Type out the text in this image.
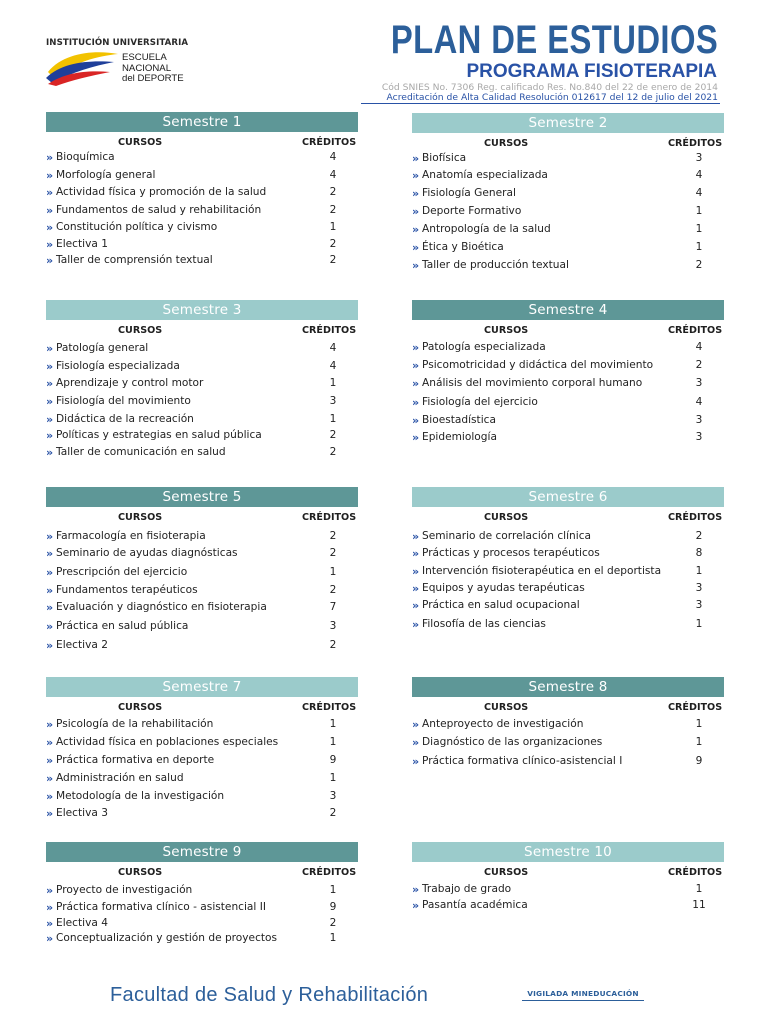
INSTITUCIÓN UNIVERSITARIA
ESCUELA
NACIONAL
del DEPORTE
PLAN DE ESTUDIOS
PROGRAMA FISIOTERAPIA
Cód SNIES No. 7306 Reg. calificado Res. No.840 del 22 de enero de 2014
Acreditación de Alta Calidad Resolución 012617 del 12 de julio del 2021
Semestre 1
CURSOS	CRÉDITOS
» Bioquímica	4
» Morfología general	4
» Actividad física y promoción de la salud	2
» Fundamentos de salud y rehabilitación	2
» Constitución política y civismo	1
» Electiva 1	2
» Taller de comprensión textual	2
Semestre 2
CURSOS	CRÉDITOS
» Biofísica	3
» Anatomía especializada	4
» Fisiología General	4
» Deporte Formativo	1
» Antropología de la salud	1
» Ética y Bioética	1
» Taller de producción textual	2
Semestre 3
CURSOS	CRÉDITOS
» Patología general	4
» Fisiología especializada	4
» Aprendizaje y control motor	1
» Fisiología del movimiento	3
» Didáctica de la recreación	1
» Políticas y estrategias en salud pública	2
» Taller de comunicación en salud	2
Semestre 4
CURSOS	CRÉDITOS
» Patología especializada	4
» Psicomotricidad y didáctica del movimiento	2
» Análisis del movimiento corporal humano	3
» Fisiología del ejercicio	4
» Bioestadística	3
» Epidemiología	3
Semestre 5
CURSOS	CRÉDITOS
» Farmacología en fisioterapia	2
» Seminario de ayudas diagnósticas	2
» Prescripción del ejercicio	1
» Fundamentos terapéuticos	2
» Evaluación y diagnóstico en fisioterapia	7
» Práctica en salud pública	3
» Electiva 2	2
Semestre 6
CURSOS	CRÉDITOS
» Seminario de correlación clínica	2
» Prácticas y procesos terapéuticos	8
» Intervención fisioterapéutica en el deportista	1
» Equipos y ayudas terapéuticas	3
» Práctica en salud ocupacional	3
» Filosofía de las ciencias	1
Semestre 7
CURSOS	CRÉDITOS
» Psicología de la rehabilitación	1
» Actividad física en poblaciones especiales	1
» Práctica formativa en deporte	9
» Administración en salud	1
» Metodología de la investigación	3
» Electiva 3	2
Semestre 8
CURSOS	CRÉDITOS
» Anteproyecto de investigación	1
» Diagnóstico de las organizaciones	1
» Práctica formativa clínico-asistencial I	9
Semestre 9
CURSOS	CRÉDITOS
» Proyecto de investigación	1
» Práctica formativa clínico - asistencial II	9
» Electiva 4	2
» Conceptualización y gestión de proyectos	1
Semestre 10
CURSOS	CRÉDITOS
» Trabajo de grado	1
» Pasantía académica	11
Facultad de Salud y Rehabilitación	VIGILADA MINEDUCACIÓN
